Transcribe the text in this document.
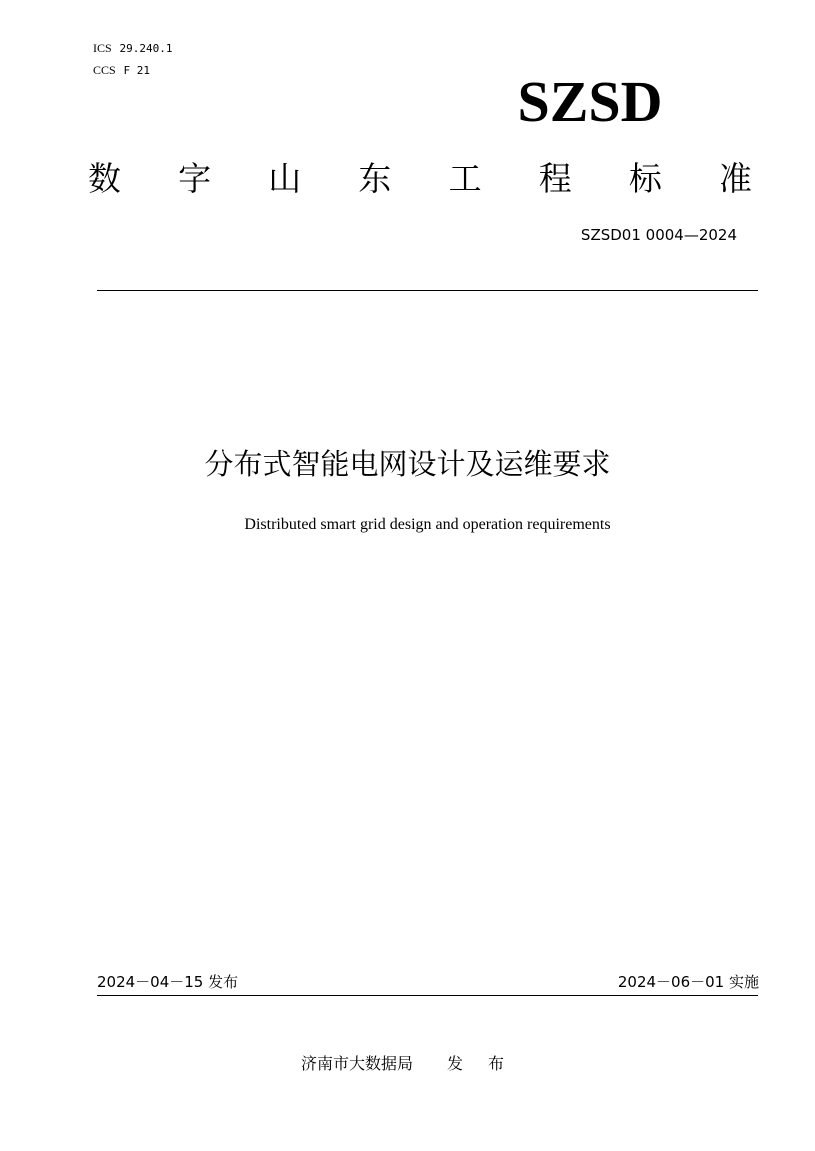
ICS 29.240.1
CCS F 21	SZSD
数 字 山 东 工 程 标 准
SZSD01 0004—2024
分布式智能电网设计及运维要求
Distributed smart grid design and operation requirements
2024－04－15 发布	2024－06－01 实施
济南市大数据局 发 布
